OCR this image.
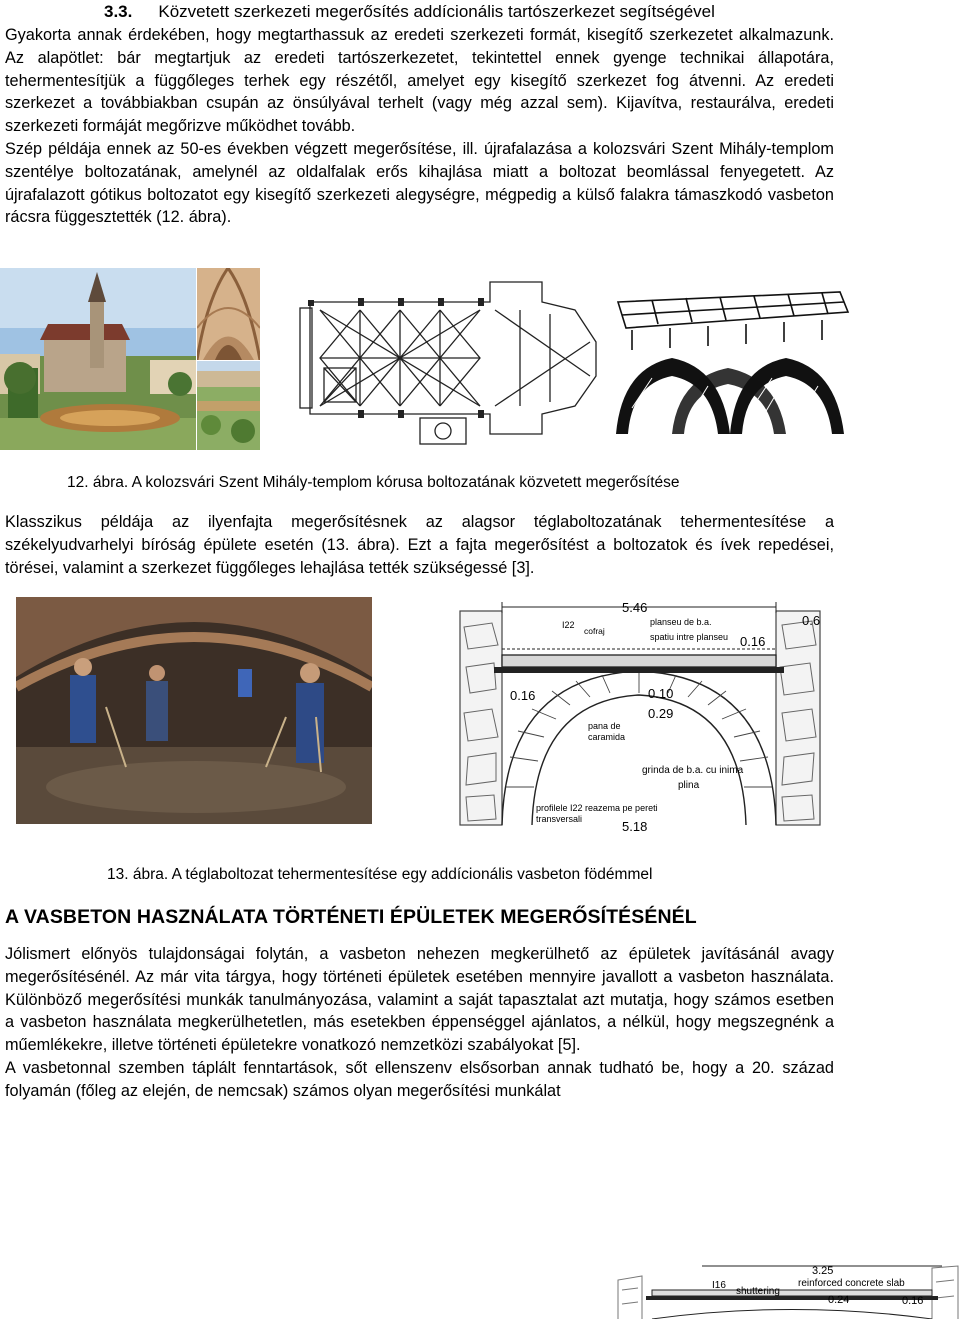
3.3. Közvetett szerkezeti megerősítés addícionális tartószerkezet segítségével

Gyakorta annak érdekében, hogy megtarthassuk az eredeti szerkezeti formát, kisegítő szerkezetet alkalmazunk. Az alapötlet: bár megtartjuk az eredeti tartószerkezetet, tekintettel ennek gyenge technikai állapotára, tehermentesítjük a függőleges terhek egy részétől, amelyet egy kisegítő szerkezet fog átvenni. Az eredeti szerkezet a továbbiakban csupán az önsúlyával terhelt (vagy még azzal sem). Kijavítva, restaurálva, eredeti szerkezeti formáját megőrizve működhet tovább.

Szép példája ennek az 50-es években végzett megerősítése, ill. újrafalazása a kolozsvári Szent Mihály-templom szentélye boltozatának, amelynél az oldalfalak erős kihajlása miatt a boltozat beomlással fenyegetett. Az újrafalazott gótikus boltozatot egy kisegítő szerkezeti alegységre, mégpedig a külső falakra támaszkodó vasbeton rácsra függesztették (12. ábra).

12. ábra. A kolozsvári Szent Mihály-templom kórusa boltozatának közvetett megerősítése

Klasszikus példája az ilyenfajta megerősítésnek az alagsor téglaboltozatának tehermentesítése a székelyudvarhelyi bíróság épülete esetén (13. ábra). Ezt a fajta megerősítést a boltozatok és ívek repedései, törései, valamint a szerkezet függőleges lehajlása tették szükségessé [3].

5.46
I22
cofraj
planseu de b.a.
spatiu intre planseu 0.16
0.6
0.16	0.10
0.29
pana de
caramida
grinda de b.a. cu inima
plina
profilele I22 reazema pe pereti
transversali	5.18
13. ábra. A téglaboltozat tehermentesítése egy addícionális vasbeton födémmel
A VASBETON HASZNÁLATA TÖRTÉNETI ÉPÜLETEK MEGERŐSÍTÉSÉNÉL

Jólismert előnyös tulajdonságai folytán, a vasbeton nehezen megkerülhető az épületek javításánál avagy megerősítésénél. Az már vita tárgya, hogy történeti épületek esetében mennyire javallott a vasbeton használata. Különböző megerősítési munkák tanulmányozása, valamint a saját tapasztalat azt mutatja, hogy számos esetben a vasbeton használata megkerülhetetlen, más esetekben éppenséggel ajánlatos, a nélkül, hogy megszegnénk a műemlékekre, illetve történeti épületekre vonatkozó nemzetközi szabályokat [5].

A vasbetonnal szemben táplált fenntartások, sőt ellenszenv elsősorban annak tudható be, hogy a 20. század folyamán (főleg az elején, de nemcsak) számos olyan megerősítési munkálat

3.25
I16	reinforced concrete slab
shuttering
0.24	0.16
